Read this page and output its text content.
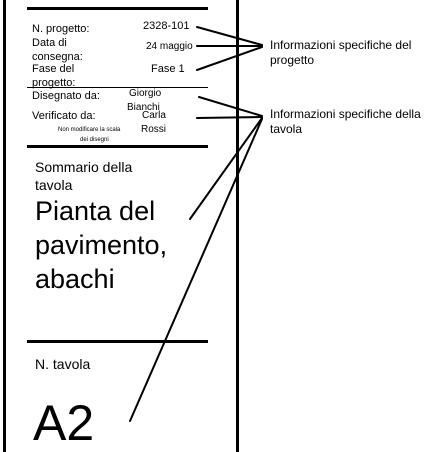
N. progetto:	2328-101
Data di
consegna:
24 maggio
Fase del
progetto:
Fase 1
Disegnato da:	Giorgio
Bianchi
Verificato da:	Carla
Rossi
Non modificare la scala
dei disegni
Sommario della
tavola
Pianta del
pavimento,
abachi
N. tavola
A2
Informazioni specifiche del
progetto
Informazioni specifiche della
tavola
